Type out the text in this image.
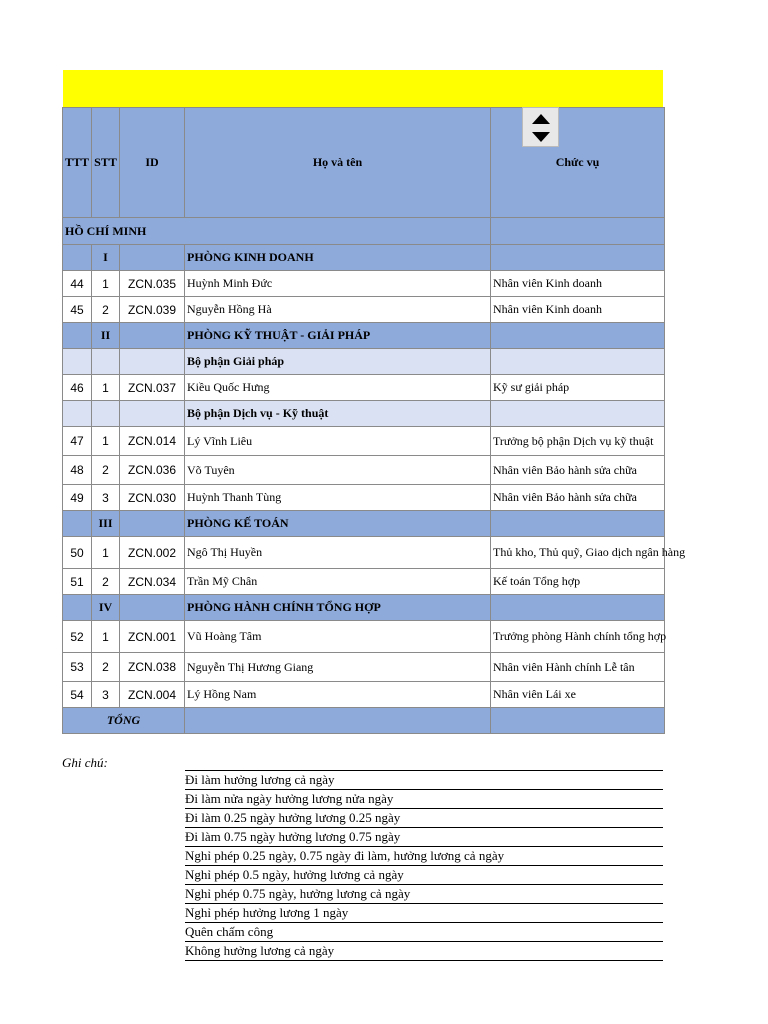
TTT	STT	ID	Họ và tên	Chức vụ
HỒ CHÍ MINH				
	I		PHÒNG KINH DOANH	
44	1	ZCN.035	Huỳnh Minh Đức	Nhân viên Kinh doanh
45	2	ZCN.039	Nguyễn Hồng Hà	Nhân viên Kinh doanh
	II		PHÒNG KỸ THUẬT - GIẢI PHÁP	
			Bộ phận Giải pháp	
46	1	ZCN.037	Kiều Quốc Hưng	Kỹ sư giải pháp
			Bộ phận Dịch vụ - Kỹ thuật	
47	1	ZCN.014	Lý Vĩnh Liêu	Trưởng bộ phận Dịch vụ kỹ thuật
48	2	ZCN.036	Võ Tuyên	Nhân viên Bảo hành sửa chữa
49	3	ZCN.030	Huỳnh Thanh Tùng	Nhân viên Bảo hành sửa chữa
	III		PHÒNG KẾ TOÁN	
50	1	ZCN.002	Ngô Thị Huyền	Thủ kho, Thủ quỹ, Giao dịch ngân hàng
51	2	ZCN.034	Trần Mỹ Chân	Kế toán Tổng hợp
	IV		PHÒNG HÀNH CHÍNH TỔNG HỢP	
52	1	ZCN.001	Vũ Hoàng Tâm	Trưởng phòng Hành chính tổng hợp
53	2	ZCN.038	Nguyễn Thị Hương Giang	Nhân viên Hành chính Lễ tân
54	3	ZCN.004	Lý Hồng Nam	Nhân viên Lái xe
TỔNG				
Ghi chú:
Đi làm hưởng lương cả ngày
Đi làm nửa ngày hưởng lương nửa ngày
Đi làm 0.25 ngày hưởng lương 0.25 ngày
Đi làm 0.75 ngày hưởng lương 0.75 ngày
Nghỉ phép 0.25 ngày, 0.75 ngày đi làm, hưởng lương cả ngày
Nghỉ phép 0.5 ngày, hưởng lương cả ngày
Nghỉ phép 0.75 ngày, hưởng lương cả ngày
Nghỉ phép hưởng lương 1 ngày
Quên chấm công
Không hưởng lương cả ngày
